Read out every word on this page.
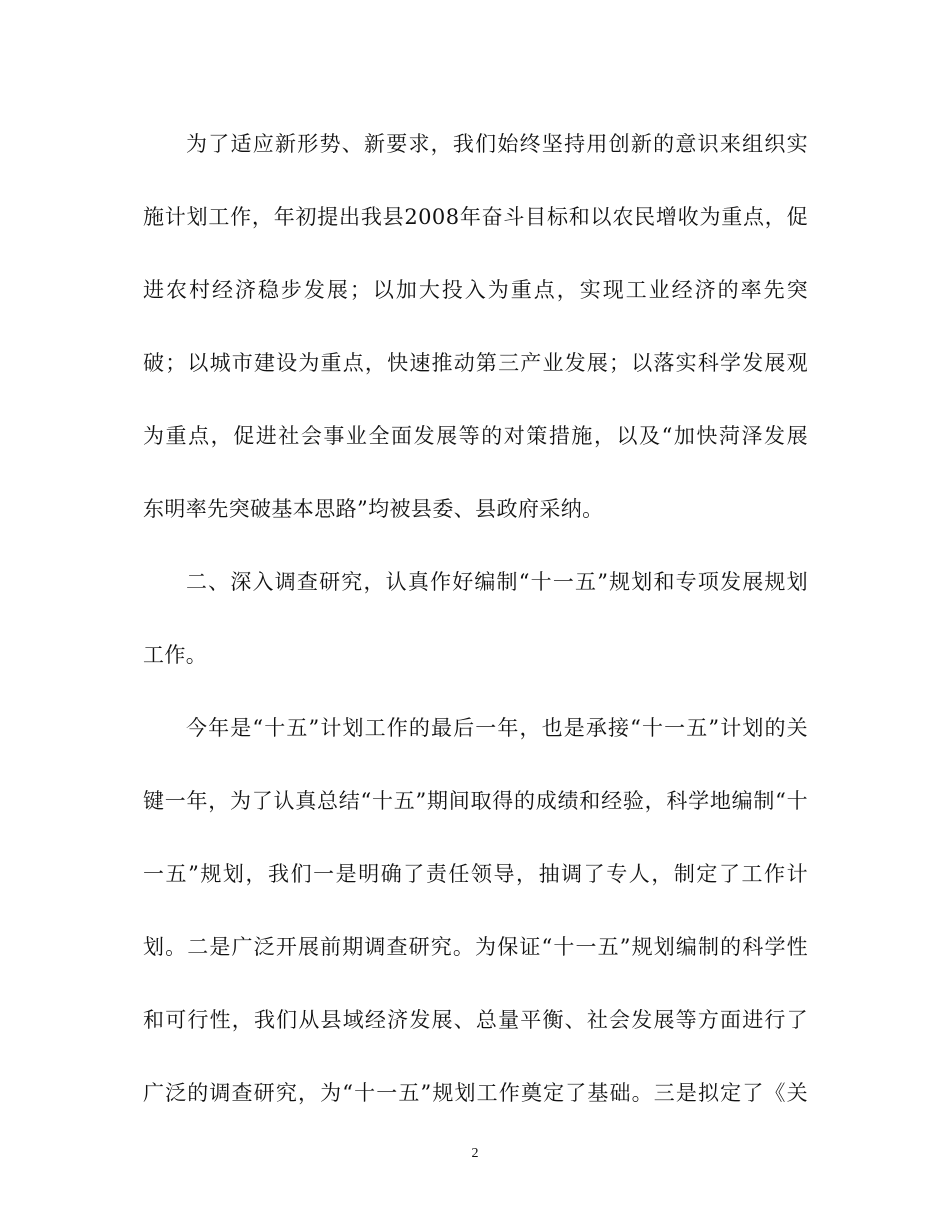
为了适应新形势、新要求，我们始终坚持用创新的意识来组织实
施计划工作，年初提出我县2008年奋斗目标和以农民增收为重点，促
进农村经济稳步发展；以加大投入为重点，实现工业经济的率先突
破；以城市建设为重点，快速推动第三产业发展；以落实科学发展观
为重点，促进社会事业全面发展等的对策措施，以及“加快菏泽发展
东明率先突破基本思路”均被县委、县政府采纳。
二、深入调查研究，认真作好编制“十一五”规划和专项发展规划
工作。
今年是“十五”计划工作的最后一年，也是承接“十一五”计划的关
键一年，为了认真总结“十五”期间取得的成绩和经验，科学地编制“十
一五”规划，我们一是明确了责任领导，抽调了专人，制定了工作计
划。二是广泛开展前期调查研究。为保证“十一五”规划编制的科学性
和可行性，我们从县域经济发展、总量平衡、社会发展等方面进行了
广泛的调查研究，为“十一五”规划工作奠定了基础。三是拟定了《关
2
